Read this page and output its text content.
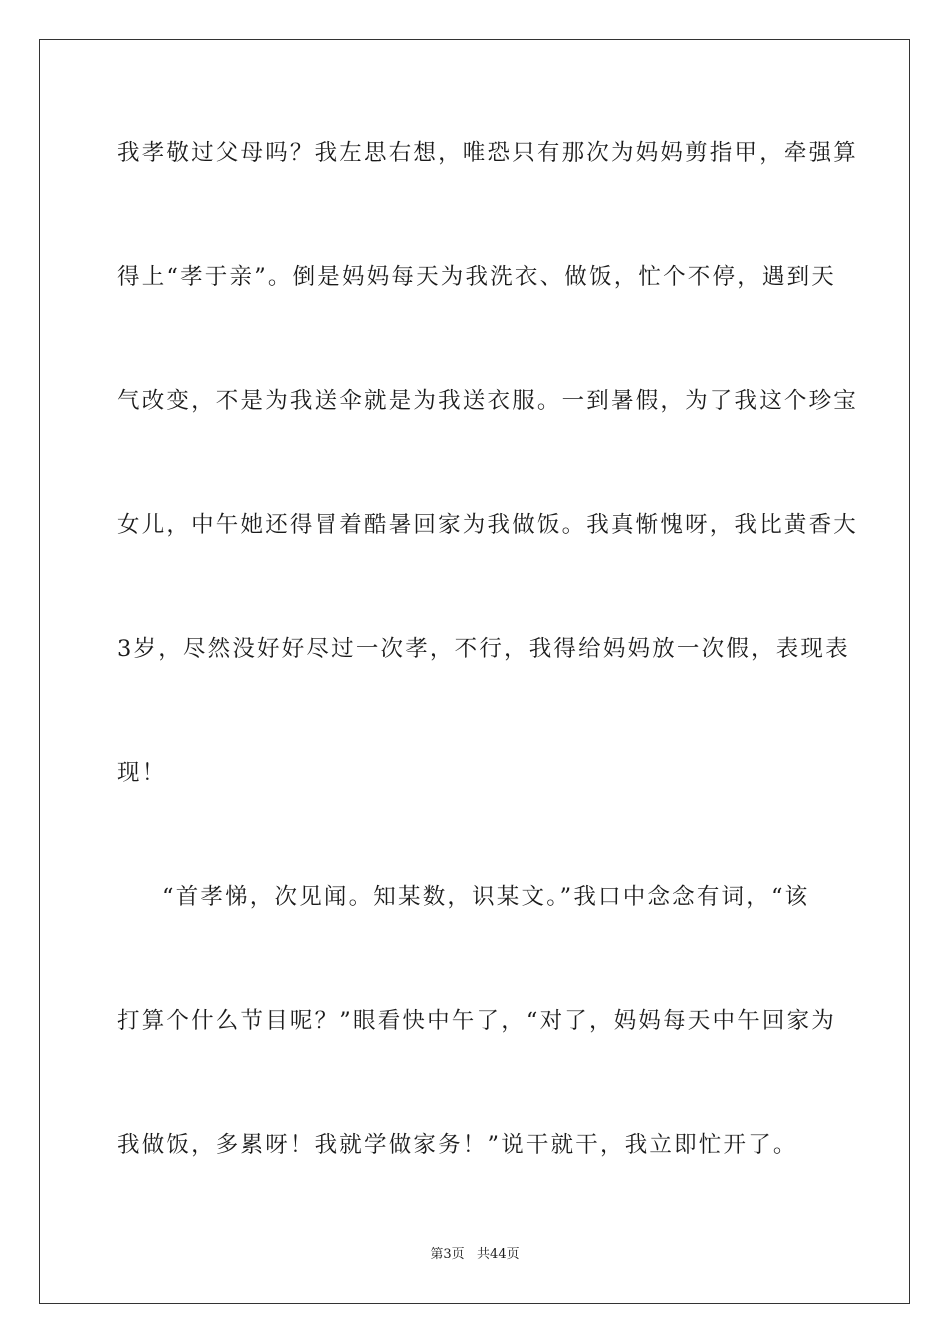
我孝敬过父母吗？我左思右想，唯恐只有那次为妈妈剪指甲，牵强算
得上“孝于亲”。倒是妈妈每天为我洗衣、做饭，忙个不停，遇到天
气改变，不是为我送伞就是为我送衣服。一到暑假，为了我这个珍宝
女儿，中午她还得冒着酷暑回家为我做饭。我真惭愧呀，我比黄香大
3岁，尽然没好好尽过一次孝，不行，我得给妈妈放一次假，表现表
现！
“首孝悌，次见闻。知某数，识某文。”我口中念念有词，“该
打算个什么节目呢？”眼看快中午了，“对了，妈妈每天中午回家为
我做饭，多累呀！我就学做家务！”说干就干，我立即忙开了。
第3页   共44页
